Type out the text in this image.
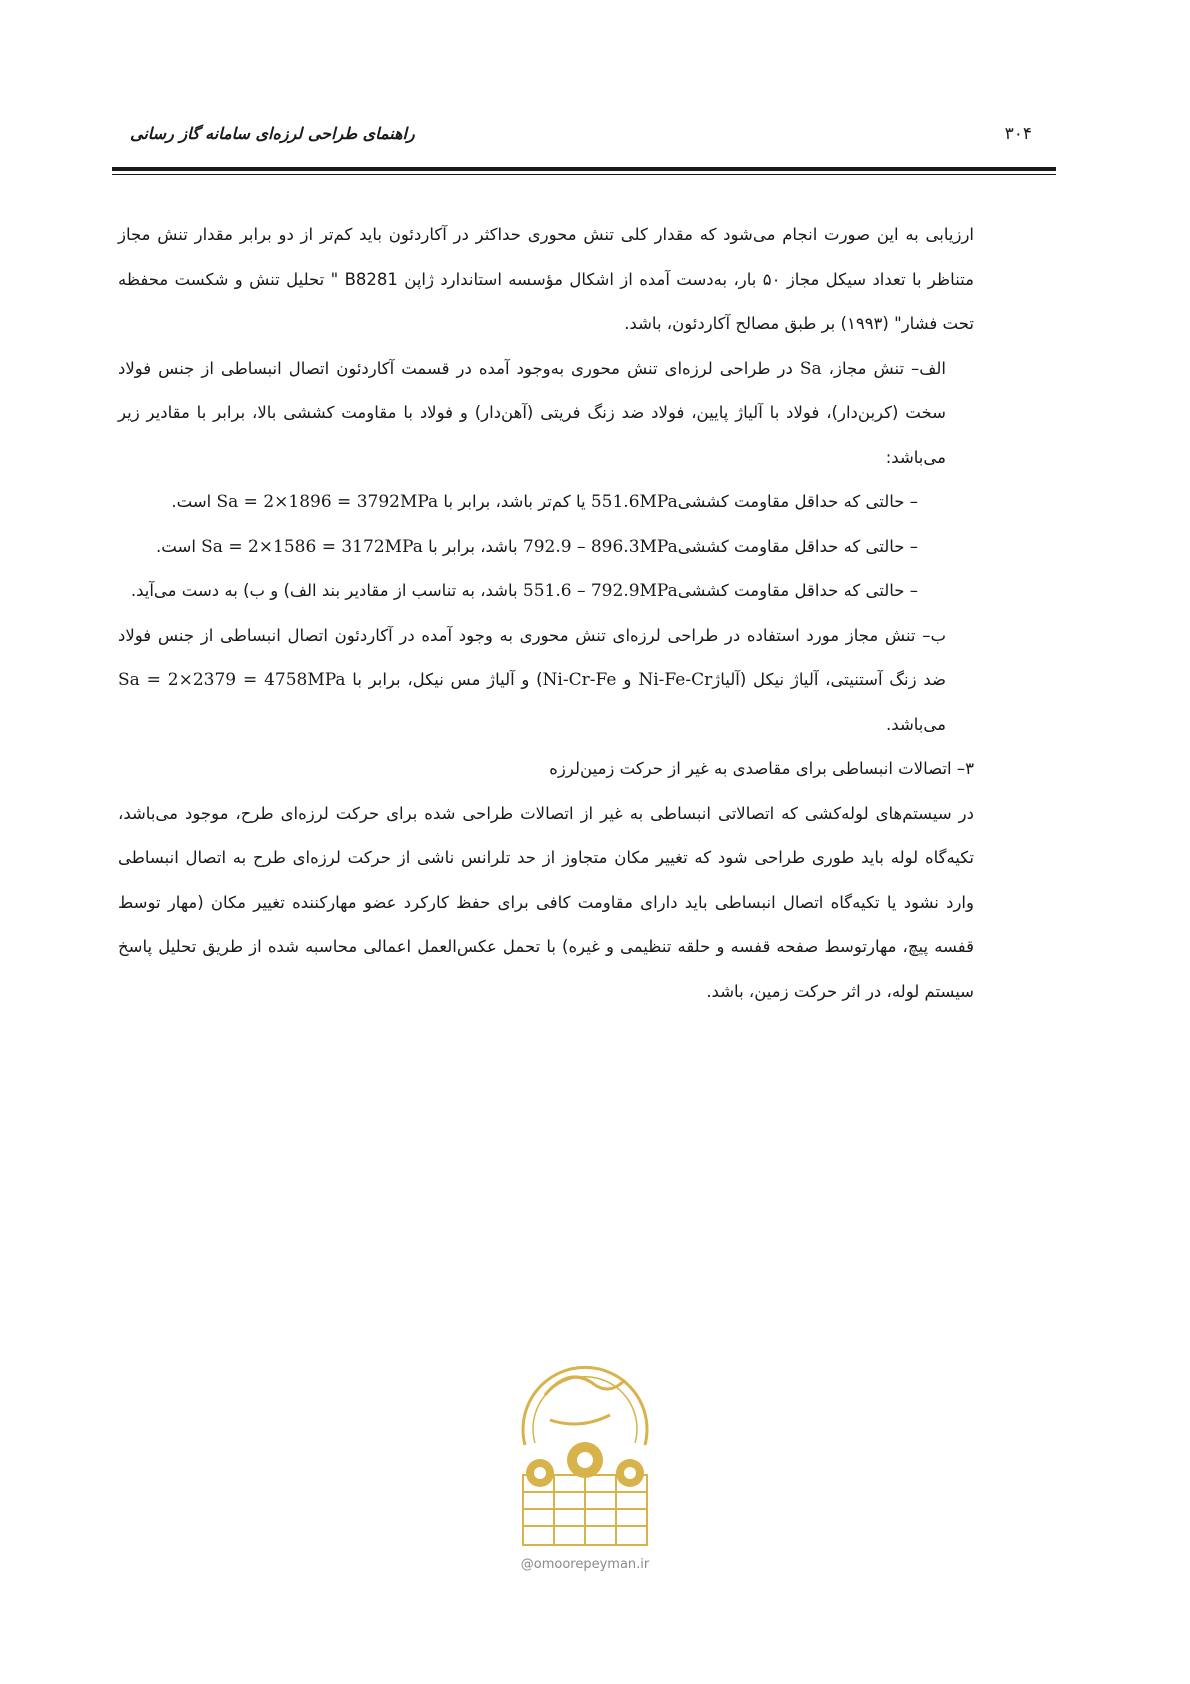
۳۰۴
راهنمای طراحی لرزه‌ای سامانه گاز رسانی

ارزیابی به این صورت انجام می‌شود که مقدار کلی تنش محوری حداکثر در آکاردئون باید کم‌تر از دو برابر مقدار تنش مجاز متناظر با تعداد سیکل مجاز ۵۰ بار، به‌دست آمده از اشکال مؤسسه استاندارد ژاپن B8281 " تحلیل تنش و شکست محفظه تحت فشار" (۱۹۹۳) بر طبق مصالح آکاردئون، باشد.

الف– تنش مجاز، Sa در طراحی لرزه‌ای تنش محوری به‌وجود آمده در قسمت آکاردئون اتصال انبساطی از جنس فولاد سخت (کربن‌دار)، فولاد با آلیاژ پایین، فولاد ضد زنگ فریتی (آهن‌دار) و فولاد با مقاومت کششی بالا، برابر با مقادیر زیر می‌باشد:

– حالتی که حداقل مقاومت کششی551.6MPa یا کم‌تر باشد، برابر با Sa = 2×1896 = 3792MPa است.

– حالتی که حداقل مقاومت کششی792.9 – 896.3MPa باشد، برابر با Sa = 2×1586 = 3172MPa است.

– حالتی که حداقل مقاومت کششی551.6 – 792.9MPa باشد، به تناسب از مقادیر بند الف) و ب) به دست می‌آید.

ب– تنش مجاز مورد استفاده در طراحی لرزه‌ای تنش محوری به وجود آمده در آکاردئون اتصال انبساطی از جنس فولاد ضد زنگ آستنیتی، آلیاژ نیکل (آلیاژNi-Cr-Fe و Ni-Fe-Cr) و آلیاژ مس نیکل، برابر با Sa = 2×2379 = 4758MPa می‌باشد.

۳– اتصالات انبساطی برای مقاصدی به غیر از حرکت زمین‌لرزه

در سیستم‌های لوله‌کشی که اتصالاتی انبساطی به غیر از اتصالات طراحی شده برای حرکت لرزه‌ای طرح، موجود می‌باشد، تکیه‌گاه لوله باید طوری طراحی شود که تغییر مکان متجاوز از حد تلرانس ناشی از حرکت لرزه‌ای طرح به اتصال انبساطی وارد نشود یا تکیه‌گاه اتصال انبساطی باید دارای مقاومت کافی برای حفظ کارکرد عضو مهارکننده تغییر مکان (مهار توسط قفسه پیچ، مهارتوسط صفحه قفسه و حلقه تنظیمی و غیره) با تحمل عکس‌العمل اعمالی محاسبه شده از طریق تحلیل پاسخ سیستم لوله، در اثر حرکت زمین، باشد.

@omoorepeyman.ir
